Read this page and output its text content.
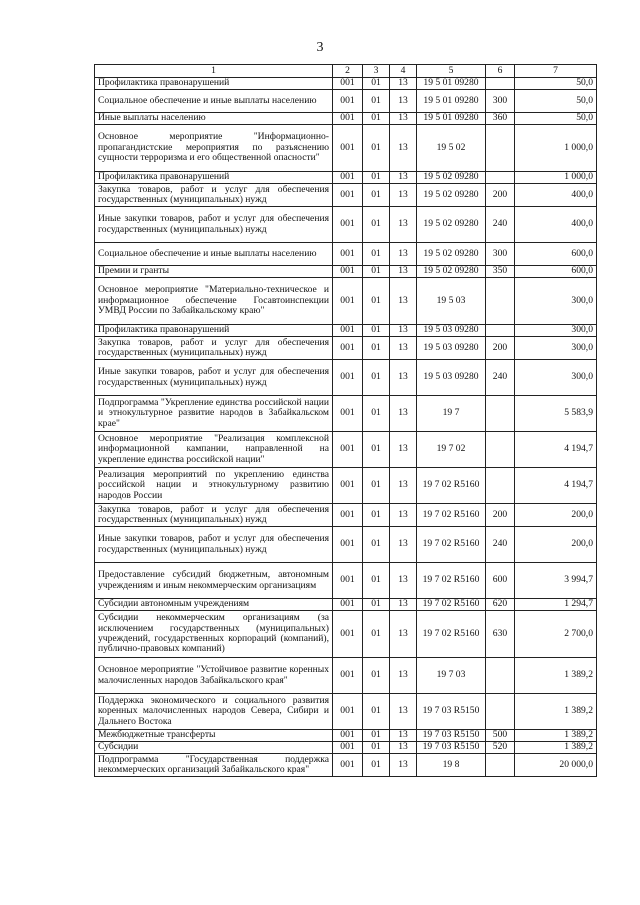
3
1	2	3	4	5	6	7
Профилактика правонарушений	001	01	13	19 5 01 09280		50,0
Социальное обеспечение и иные выплаты населению	001	01	13	19 5 01 09280	300	50,0
Иные выплаты населению	001	01	13	19 5 01 09280	360	50,0
Основное мероприятие "Информационно-пропагандистские мероприятия по разъяснению сущности терроризма и его общественной опасности"	001	01	13	19 5 02		1 000,0
Профилактика правонарушений	001	01	13	19 5 02 09280		1 000,0
Закупка товаров, работ и услуг для обеспечения государственных (муниципальных) нужд	001	01	13	19 5 02 09280	200	400,0
Иные закупки товаров, работ и услуг для обеспечения государственных (муниципальных) нужд	001	01	13	19 5 02 09280	240	400,0
Социальное обеспечение и иные выплаты населению	001	01	13	19 5 02 09280	300	600,0
Премии и гранты	001	01	13	19 5 02 09280	350	600,0
Основное мероприятие "Материально-техническое и информационное обеспечение Госавтоинспекции УМВД России по Забайкальскому краю"	001	01	13	19 5 03		300,0
Профилактика правонарушений	001	01	13	19 5 03 09280		300,0
Закупка товаров, работ и услуг для обеспечения государственных (муниципальных) нужд	001	01	13	19 5 03 09280	200	300,0
Иные закупки товаров, работ и услуг для обеспечения государственных (муниципальных) нужд	001	01	13	19 5 03 09280	240	300,0
Подпрограмма "Укрепление единства российской нации и этнокультурное развитие народов в Забайкальском крае"	001	01	13	19 7		5 583,9
Основное мероприятие "Реализация комплексной информационной кампании, направленной на укрепление единства российской нации"	001	01	13	19 7 02		4 194,7
Реализация мероприятий по укреплению единства российской нации и этнокультурному развитию народов России	001	01	13	19 7 02 R5160		4 194,7
Закупка товаров, работ и услуг для обеспечения государственных (муниципальных) нужд	001	01	13	19 7 02 R5160	200	200,0
Иные закупки товаров, работ и услуг для обеспечения государственных (муниципальных) нужд	001	01	13	19 7 02 R5160	240	200,0
Предоставление субсидий бюджетным, автономным учреждениям и иным некоммерческим организациям	001	01	13	19 7 02 R5160	600	3 994,7
Субсидии автономным учреждениям	001	01	13	19 7 02 R5160	620	1 294,7
Субсидии некоммерческим организациям (за исключением государственных (муниципальных) учреждений, государственных корпораций (компаний), публично-правовых компаний)	001	01	13	19 7 02 R5160	630	2 700,0
Основное мероприятие "Устойчивое развитие коренных малочисленных народов Забайкальского края"	001	01	13	19 7 03		1 389,2
Поддержка экономического и социального развития коренных малочисленных народов Севера, Сибири и Дальнего Востока	001	01	13	19 7 03 R5150		1 389,2
Межбюджетные трансферты	001	01	13	19 7 03 R5150	500	1 389,2
Субсидии	001	01	13	19 7 03 R5150	520	1 389,2
Подпрограмма "Государственная поддержка некоммерческих организаций Забайкальского края"	001	01	13	19 8		20 000,0
